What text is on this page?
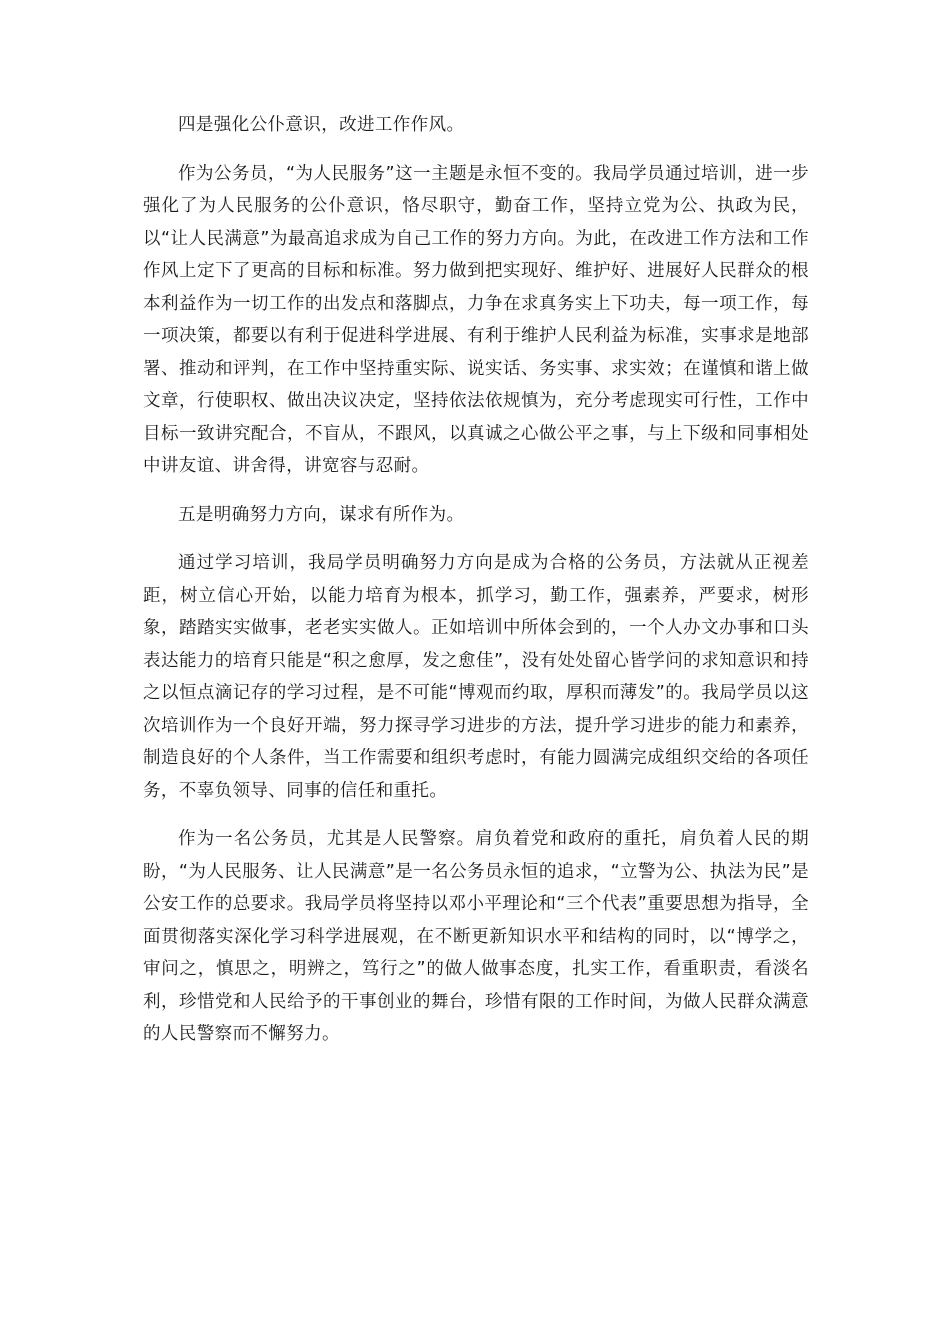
四是强化公仆意识，改进工作作风。

作为公务员，“为人民服务”这一主题是永恒不变的。我局学员通过培训，进一步强化了为人民服务的公仆意识，恪尽职守，勤奋工作，坚持立党为公、执政为民，以“让人民满意”为最高追求成为自己工作的努力方向。为此，在改进工作方法和工作作风上定下了更高的目标和标准。努力做到把实现好、维护好、进展好人民群众的根本利益作为一切工作的出发点和落脚点，力争在求真务实上下功夫，每一项工作，每一项决策，都要以有利于促进科学进展、有利于维护人民利益为标准，实事求是地部署、推动和评判，在工作中坚持重实际、说实话、务实事、求实效；在谨慎和谐上做文章，行使职权、做出决议决定，坚持依法依规慎为，充分考虑现实可行性，工作中目标一致讲究配合，不盲从，不跟风，以真诚之心做公平之事，与上下级和同事相处中讲友谊、讲舍得，讲宽容与忍耐。

五是明确努力方向，谋求有所作为。

通过学习培训，我局学员明确努力方向是成为合格的公务员，方法就从正视差距，树立信心开始，以能力培育为根本，抓学习，勤工作，强素养，严要求，树形象，踏踏实实做事，老老实实做人。正如培训中所体会到的，一个人办文办事和口头表达能力的培育只能是“积之愈厚，发之愈佳”，没有处处留心皆学问的求知意识和持之以恒点滴记存的学习过程，是不可能“博观而约取，厚积而薄发”的。我局学员以这次培训作为一个良好开端，努力探寻学习进步的方法，提升学习进步的能力和素养，制造良好的个人条件，当工作需要和组织考虑时，有能力圆满完成组织交给的各项任务，不辜负领导、同事的信任和重托。

作为一名公务员，尤其是人民警察。肩负着党和政府的重托，肩负着人民的期盼，“为人民服务、让人民满意”是一名公务员永恒的追求，“立警为公、执法为民”是公安工作的总要求。我局学员将坚持以邓小平理论和“三个代表”重要思想为指导，全面贯彻落实深化学习科学进展观，在不断更新知识水平和结构的同时，以“博学之，审问之，慎思之，明辨之，笃行之”的做人做事态度，扎实工作，看重职责，看淡名利，珍惜党和人民给予的干事创业的舞台，珍惜有限的工作时间，为做人民群众满意的人民警察而不懈努力。
